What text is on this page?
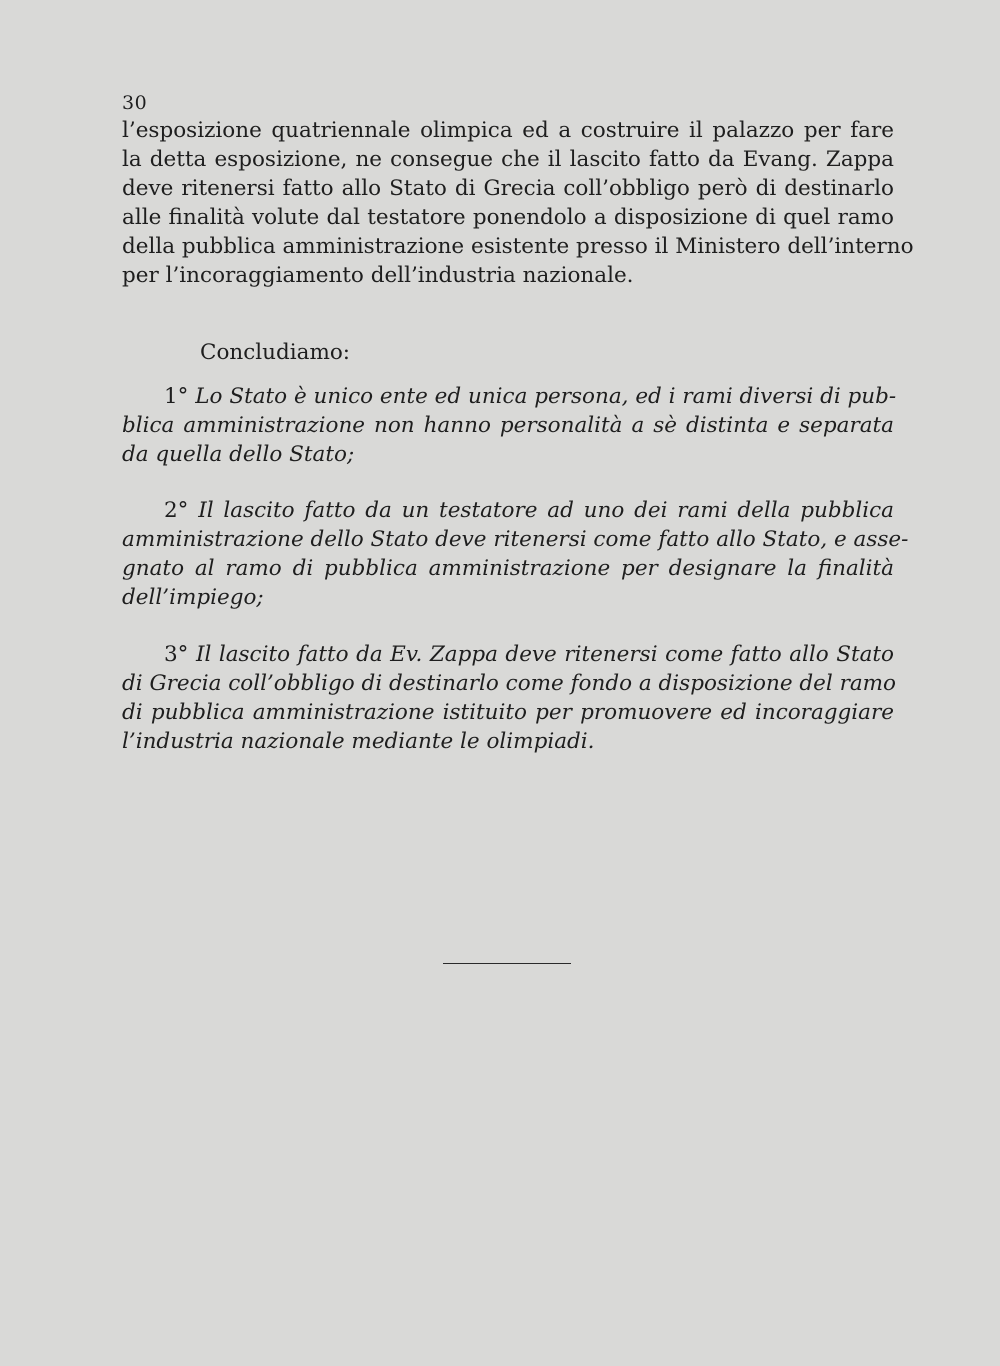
30
l’esposizione quatriennale olimpica ed a costruire il palazzo per fare
la detta esposizione, ne consegue che il lascito fatto da Evang. Zappa
deve ritenersi fatto allo Stato di Grecia coll’obbligo però di destinarlo
alle finalità volute dal testatore ponendolo a disposizione di quel ramo
della pubblica amministrazione esistente presso il Ministero dell’interno
per l’incoraggiamento dell’industria nazionale.
Concludiamo:
1° Lo Stato è unico ente ed unica persona, ed i rami diversi di pub-
blica amministrazione non hanno personalità a sè distinta e separata
da quella dello Stato;
2° Il lascito fatto da un testatore ad uno dei rami della pubblica
amministrazione dello Stato deve ritenersi come fatto allo Stato, e asse-
gnato al ramo di pubblica amministrazione per designare la finalità
dell’impiego;
3° Il lascito fatto da Ev. Zappa deve ritenersi come fatto allo Stato
di Grecia coll’obbligo di destinarlo come fondo a disposizione del ramo
di pubblica amministrazione istituito per promuovere ed incoraggiare
l’industria nazionale mediante le olimpiadi.
